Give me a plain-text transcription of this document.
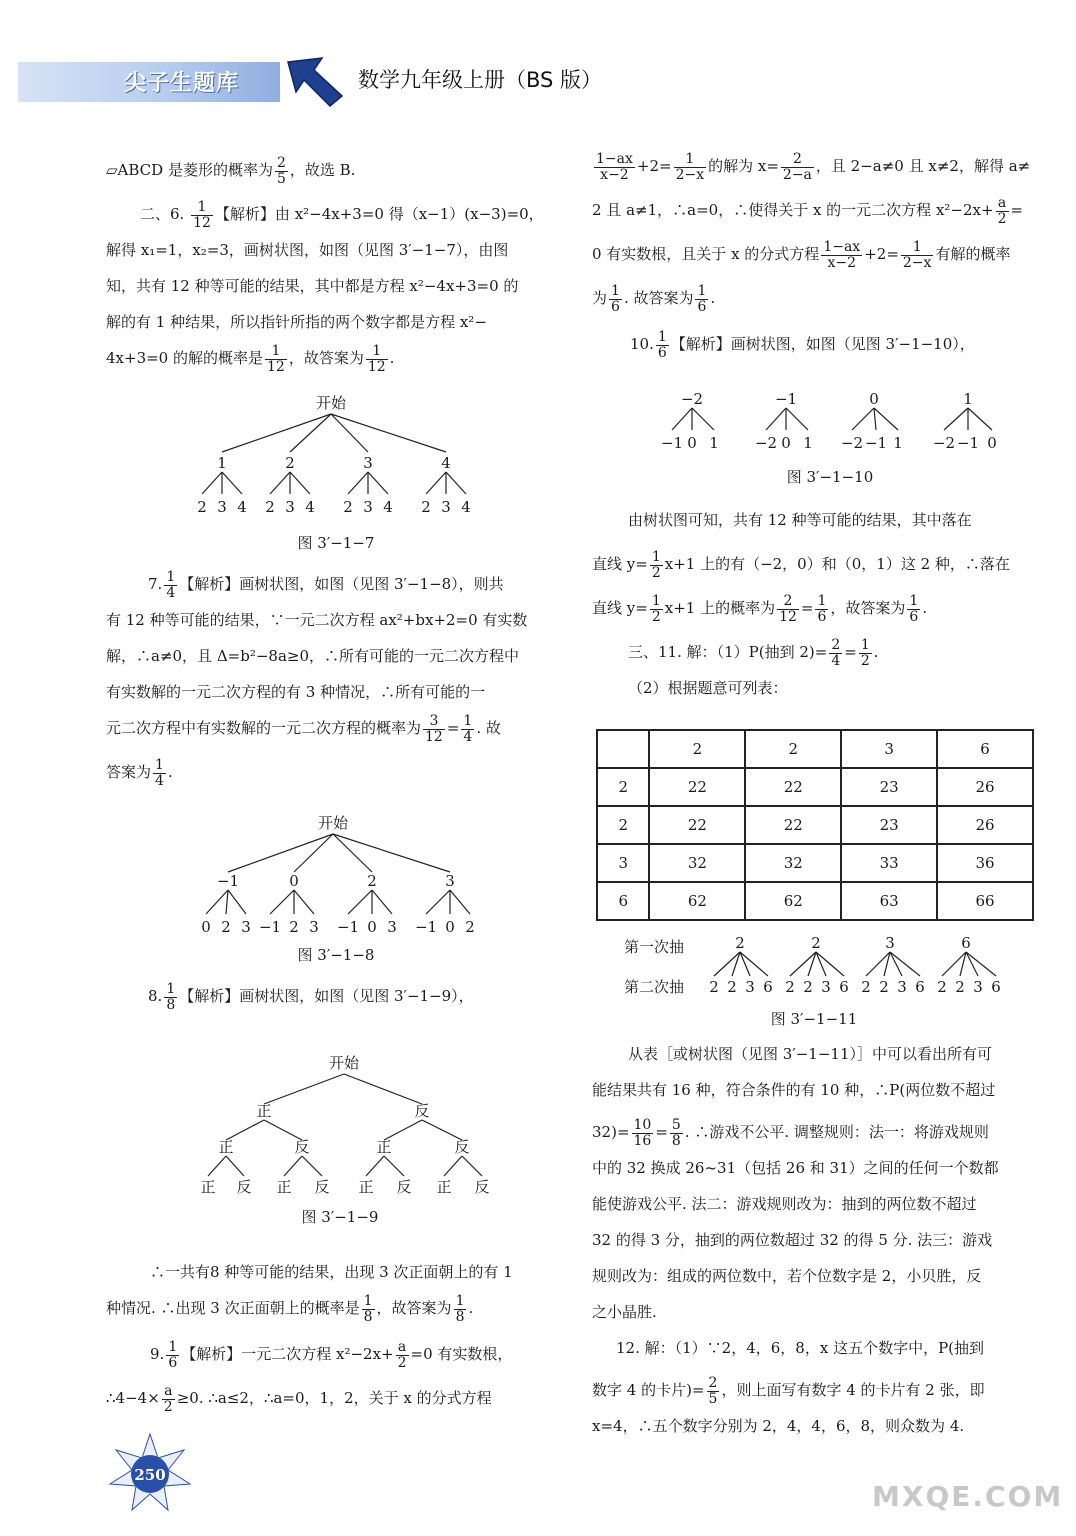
尖子生题库	数学九年级上册（BS 版）

▱ABCD 是菱形的概率为 $\frac{2}{5}$ ，故选 B.

二、6. $\frac{1}{12}$ 【解析】由 x²−4x+3=0 得（x−1）(x−3)=0，

解得 x₁=1，x₂=3，画树状图，如图（见图 3′−1−7），由图

知，共有 12 种等可能的结果，其中都是方程 x²−4x+3=0 的

解的有 1 种结果，所以指针所指的两个数字都是方程 x²−

4x+3=0 的解的概率是 $\frac{1}{12}$ ，故答案为 $\frac{1}{12}$ .

开始
1	2	3	4
2 3 4 2 3 4 2 3 4 2 3 4
图 3′−1−7

7. $\frac{1}{4}$ 【解析】画树状图，如图（见图 3′−1−8），则共

有 12 种等可能的结果，∵一元二次方程 ax²+bx+2=0 有实数

解，∴a≠0，且 Δ=b²−8a≥0，∴所有可能的一元二次方程中

有实数解的一元二次方程的有 3 种情况，∴所有可能的一

元二次方程中有实数解的一元二次方程的概率为 $\frac{3}{12} = \frac{1}{4}$ . 故

答案为 $\frac{1}{4}$ .

开始
−1	0	2	3
0 2 3 −1 2 3 −1 0 3 −1 0 2
图 3′−1−8

8. $\frac{1}{8}$ 【解析】画树状图，如图（见图 3′−1−9），

开始
正	反
正	反	正	反
正 反 正 反 正 反 正 反
图 3′−1−9

∴一共有8 种等可能的结果，出现 3 次正面朝上的有 1

种情况. ∴出现 3 次正面朝上的概率是 $\frac{1}{8}$ ，故答案为 $\frac{1}{8}$ .

9. $\frac{1}{6}$ 【解析】一元二次方程 $x^2-2x+ \frac{a}{2} =0$ 有实数根，

∴4−4× $\frac{a}{2} \ge 0$. ∴a≤2，∴a=0，1，2，关于 x 的分式方程

250

$\frac{1-ax}{x-2} +2= \frac{1}{2-x}$ 的解为 $x= \frac{2}{2-a}$ ，且 2−a≠0 且 x≠2，解得 a≠

2 且 a≠1，∴a=0，∴使得关于 x 的一元二次方程 $x^2-2x+ \frac{a}{2}$ =

0 有实数根，且关于 x 的分式方程 $\frac{1-ax}{x-2} +2= \frac{1}{2-x}$ 有解的概率

为 $\frac{1}{6}$ . 故答案为 $\frac{1}{6}$ .

10. $\frac{1}{6}$ 【解析】画树状图，如图（见图 3′−1−10），

−2	−1	0	1
−1 0 1 −2 0 1 −2 −1 1 −2 −1 0
图 3′−1−10

由树状图可知，共有 12 种等可能的结果，其中落在

直线 $y= \frac{1}{2} x+1$ 上的有（−2，0）和（0，1）这 2 种，∴落在

直线 $y= \frac{1}{2} x+1$ 上的概率为 $\frac{2}{12} = \frac{1}{6}$ ，故答案为 $\frac{1}{6}$ .

三、11. 解：（1）P(抽到 $2)= \frac{2}{4} = \frac{1}{2}$ .

（2）根据题意可列表：

	2	2	3	6
2	22	22	23	26
2	22	22	23	26
3	32	32	33	36
6	62	62	63	66
第一次抽
第二次抽
2	2	3	6
2 2 3 6 2 2 3 6 2 2 3 6 2 2 3 6
图 3′−1−11

从表［或树状图（见图 3′−1−11）］中可以看出所有可

能结果共有 16 种，符合条件的有 10 种，∴P(两位数不超过

$32)= \frac{10}{16} = \frac{5}{8}$ . ∴游戏不公平. 调整规则：法一：将游戏规则

中的 32 换成 26~31（包括 26 和 31）之间的任何一个数都

能使游戏公平. 法二：游戏规则改为：抽到的两位数不超过

32 的得 3 分，抽到的两位数超过 32 的得 5 分. 法三：游戏

规则改为：组成的两位数中，若个位数字是 2，小贝胜，反

之小晶胜.

12. 解：（1）∵2，4，6，8，x 这五个数字中，P(抽到

数字 4 的卡片)= $\frac{2}{5}$ ，则上面写有数字 4 的卡片有 2 张，即

x=4，∴五个数字分别为 2，4，4，6，8，则众数为 4.

MXQE.COM
